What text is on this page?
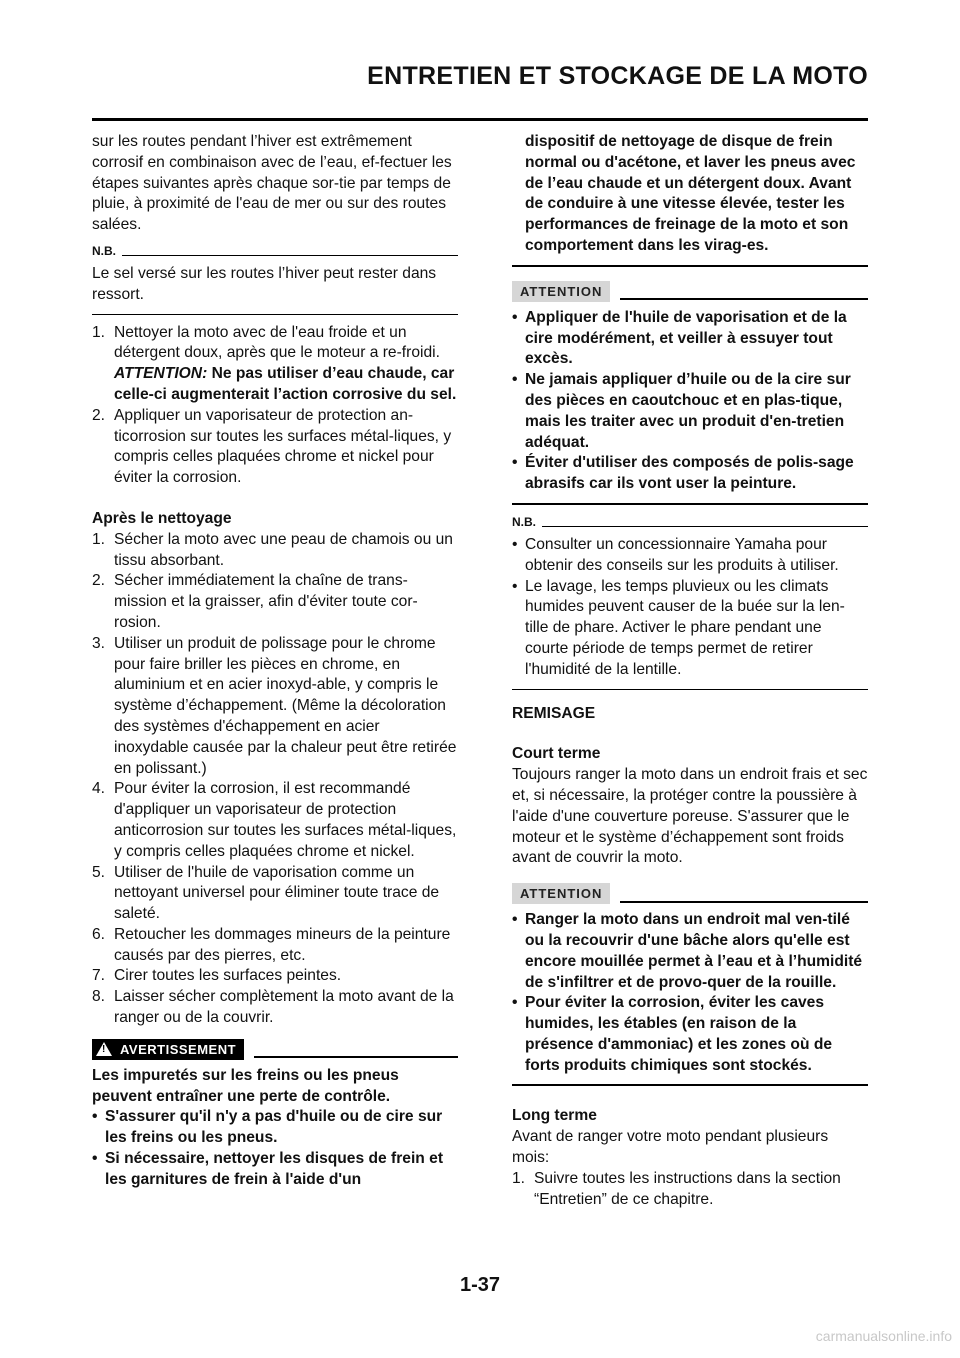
ENTRETIEN ET STOCKAGE DE LA MOTO

sur les routes pendant l’hiver est extrêmement corrosif en combinaison avec de l’eau, ef-fectuer les étapes suivantes après chaque sor-tie par temps de pluie, à proximité de l'eau de mer ou sur des routes salées.

N.B.

Le sel versé sur les routes l’hiver peut rester dans ressort.

1. Nettoyer la moto avec de l'eau froide et un détergent doux, après que le moteur a re-froidi.
ATTENTION: Ne pas utiliser d’eau chaude, car celle-ci augmenterait l’action corrosive du sel.
2. Appliquer un vaporisateur de protection an-ticorrosion sur toutes les surfaces métal-liques, y compris celles plaquées chrome et nickel pour éviter la corrosion.
Après le nettoyage
1. Sécher la moto avec une peau de chamois ou un tissu absorbant.
2. Sécher immédiatement la chaîne de trans-mission et la graisser, afin d'éviter toute cor-rosion.
3. Utiliser un produit de polissage pour le chrome pour faire briller les pièces en chrome, en aluminium et en acier inoxyd-able, y compris le système d’échappement. (Même la décoloration des systèmes d'échappement en acier inoxydable causée par la chaleur peut être retirée en polissant.)
4. Pour éviter la corrosion, il est recommandé d'appliquer un vaporisateur de protection anticorrosion sur toutes les surfaces métal-liques, y compris celles plaquées chrome et nickel.
5. Utiliser de l'huile de vaporisation comme un nettoyant universel pour éliminer toute trace de saleté.
6. Retoucher les dommages mineurs de la peinture causés par des pierres, etc.
7. Cirer toutes les surfaces peintes.
8. Laisser sécher complètement la moto avant de la ranger ou de la couvrir.
! AVERTISSEMENT

Les impuretés sur les freins ou les pneus peuvent entraîner une perte de contrôle.

• S'assurer qu'il n'y a pas d'huile ou de cire sur les freins ou les pneus.
• Si nécessaire, nettoyer les disques de frein et les garnitures de frein à l'aide d'un

dispositif de nettoyage de disque de frein normal ou d'acétone, et laver les pneus avec de l’eau chaude et un détergent doux. Avant de conduire à une vitesse élevée, tester les performances de freinage de la moto et son comportement dans les virag-es.

ATTENTION
• Appliquer de l'huile de vaporisation et de la cire modérément, et veiller à essuyer tout excès.
• Ne jamais appliquer d’huile ou de la cire sur des pièces en caoutchouc et en plas-tique, mais les traiter avec un produit d'en-tretien adéquat.
• Éviter d'utiliser des composés de polis-sage abrasifs car ils vont user la peinture.
N.B.
• Consulter un concessionnaire Yamaha pour obtenir des conseils sur les produits à utiliser.
• Le lavage, les temps pluvieux ou les climats humides peuvent causer de la buée sur la len-tille de phare. Activer le phare pendant une courte période de temps permet de retirer l'humidité de la lentille.
REMISAGE
Court terme

Toujours ranger la moto dans un endroit frais et sec et, si nécessaire, la protéger contre la poussière à l'aide d'une couverture poreuse. S'assurer que le moteur et le système d’échappement sont froids avant de couvrir la moto.

ATTENTION
• Ranger la moto dans un endroit mal ven-tilé ou la recouvrir d'une bâche alors qu'elle est encore mouillée permet à l’eau et à l’humidité de s'infiltrer et de provo-quer de la rouille.
• Pour éviter la corrosion, éviter les caves humides, les étables (en raison de la présence d'ammoniac) et les zones où de forts produits chimiques sont stockés.
Long terme

Avant de ranger votre moto pendant plusieurs mois:

1. Suivre toutes les instructions dans la section “Entretien” de ce chapitre.
1-37
carmanualsonline.info
